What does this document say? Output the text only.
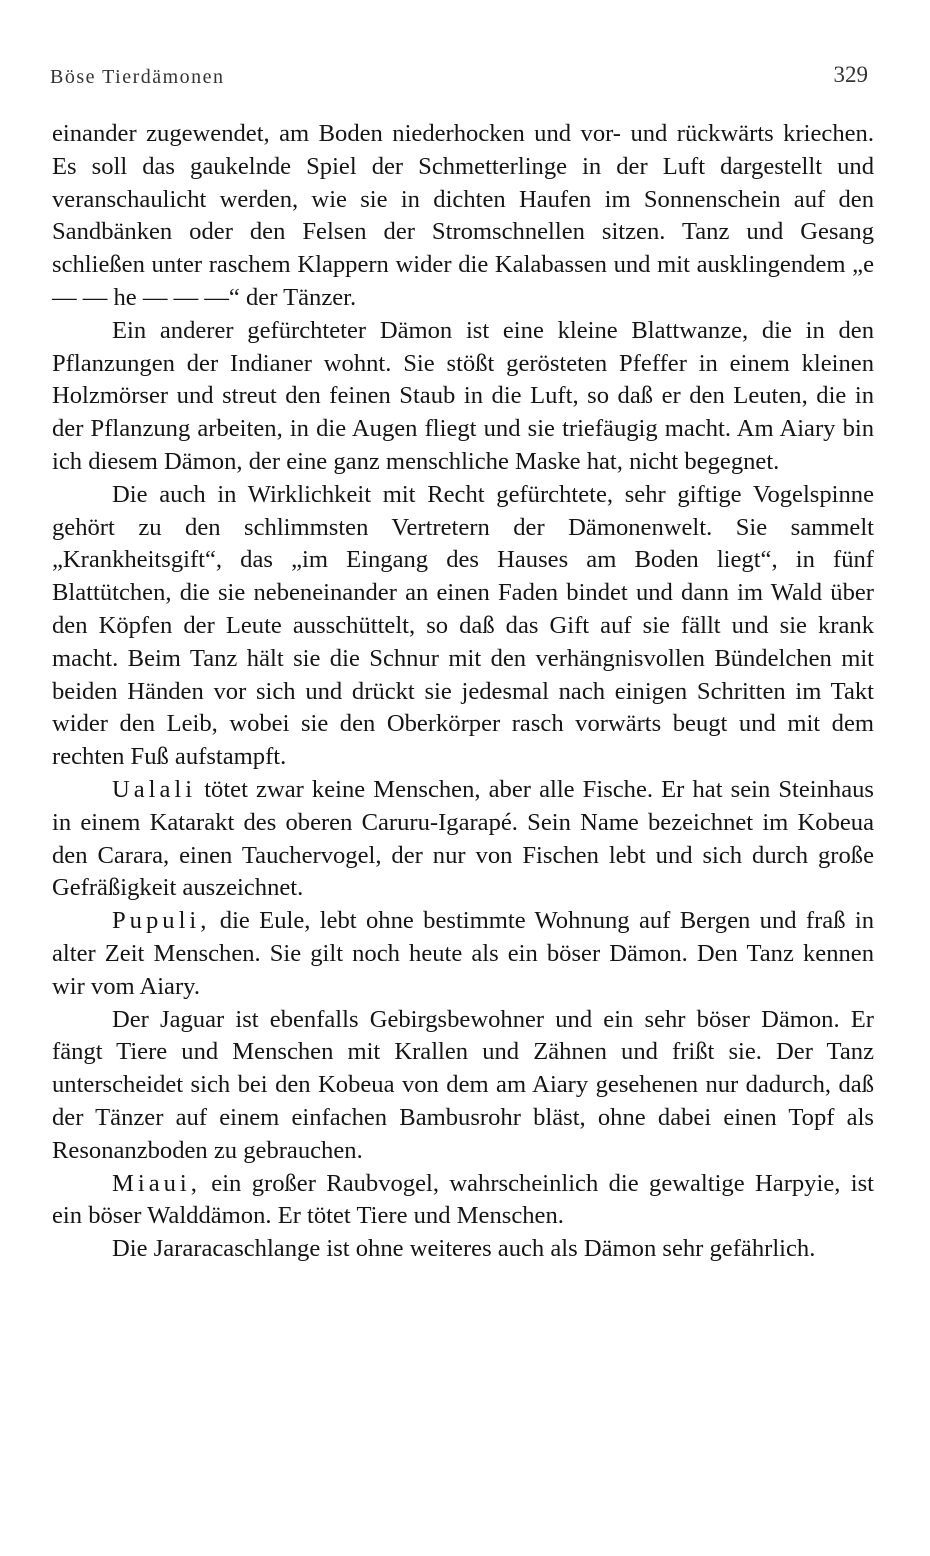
Böse Tierdämonen	329

einander zugewendet, am Boden niederhocken und vor- und rückwärts kriechen. Es soll das gaukelnde Spiel der Schmetterlinge in der Luft dargestellt und veranschaulicht werden, wie sie in dichten Haufen im Sonnenschein auf den Sandbänken oder den Felsen der Stromschnellen sitzen. Tanz und Gesang schließen unter raschem Klappern wider die Kalabassen und mit ausklingendem „e — — he — — —“ der Tänzer.

Ein anderer gefürchteter Dämon ist eine kleine Blattwanze, die in den Pflanzungen der Indianer wohnt. Sie stößt gerösteten Pfeffer in einem kleinen Holzmörser und streut den feinen Staub in die Luft, so daß er den Leuten, die in der Pflanzung arbeiten, in die Augen fliegt und sie triefäugig macht. Am Aiary bin ich diesem Dämon, der eine ganz menschliche Maske hat, nicht begegnet.

Die auch in Wirklichkeit mit Recht gefürchtete, sehr giftige Vogelspinne gehört zu den schlimmsten Vertretern der Dämonenwelt. Sie sammelt „Krankheitsgift“, das „im Eingang des Hauses am Boden liegt“, in fünf Blattütchen, die sie nebeneinander an einen Faden bindet und dann im Wald über den Köpfen der Leute ausschüttelt, so daß das Gift auf sie fällt und sie krank macht. Beim Tanz hält sie die Schnur mit den verhängnisvollen Bündelchen mit beiden Händen vor sich und drückt sie jedesmal nach einigen Schritten im Takt wider den Leib, wobei sie den Oberkörper rasch vorwärts beugt und mit dem rechten Fuß aufstampft.

Ualali tötet zwar keine Menschen, aber alle Fische. Er hat sein Steinhaus in einem Katarakt des oberen Caruru-Igarapé. Sein Name bezeichnet im Kobeua den Carara, einen Tauchervogel, der nur von Fischen lebt und sich durch große Gefräßigkeit auszeichnet.

Pupuli, die Eule, lebt ohne bestimmte Wohnung auf Bergen und fraß in alter Zeit Menschen. Sie gilt noch heute als ein böser Dämon. Den Tanz kennen wir vom Aiary.

Der Jaguar ist ebenfalls Gebirgsbewohner und ein sehr böser Dämon. Er fängt Tiere und Menschen mit Krallen und Zähnen und frißt sie. Der Tanz unterscheidet sich bei den Kobeua von dem am Aiary gesehenen nur dadurch, daß der Tänzer auf einem einfachen Bambusrohr bläst, ohne dabei einen Topf als Resonanzboden zu gebrauchen.

Miaui, ein großer Raubvogel, wahrscheinlich die gewaltige Harpyie, ist ein böser Walddämon. Er tötet Tiere und Menschen.

Die Jararacaschlange ist ohne weiteres auch als Dämon sehr gefährlich.
